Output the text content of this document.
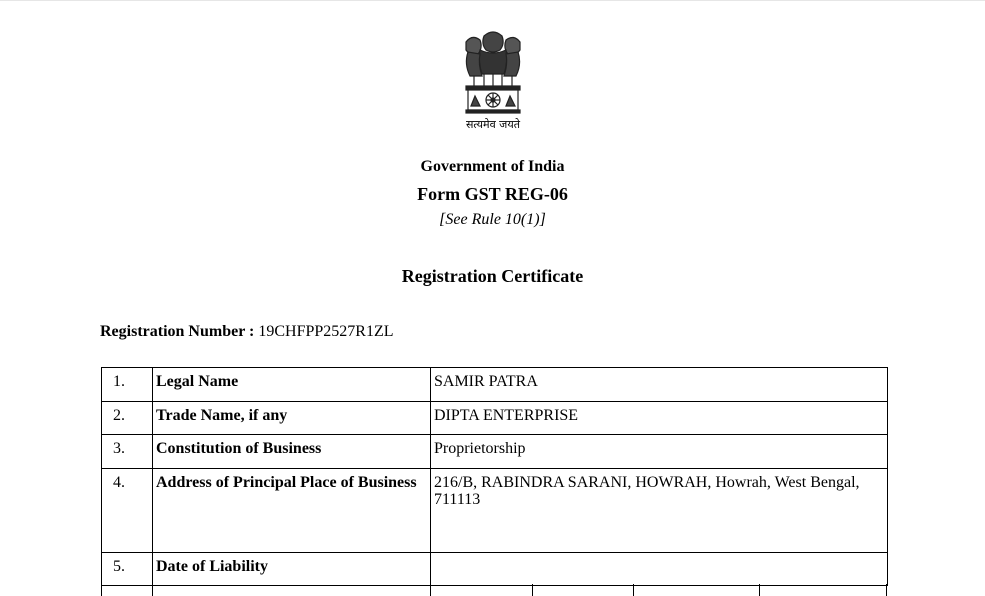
सत्यमेव जयते
Government of India
Form GST REG-06
[See Rule 10(1)]
Registration Certificate
Registration Number : 19CHFPP2527R1ZL
1.	Legal Name	SAMIR PATRA
2.	Trade Name, if any	DIPTA ENTERPRISE
3.	Constitution of Business	Proprietorship
4.	Address of Principal Place of Business	216/B, RABINDRA SARANI, HOWRAH, Howrah, West Bengal, 711113
5.	Date of Liability	
